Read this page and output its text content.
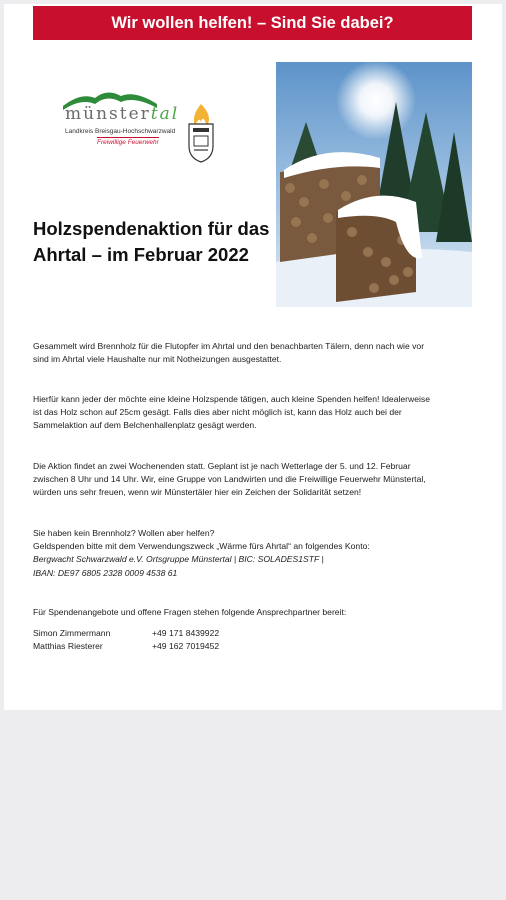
Wir wollen helfen! – Sind Sie dabei?
münstertal
Landkreis Breisgau-Hochschwarzwald
Freiwillige Feuerwehr
Holzspendenaktion für das
Ahrtal – im Februar 2022
Gesammelt wird Brennholz für die Flutopfer im Ahrtal und den benachbarten Tälern, denn nach wie vor
sind im Ahrtal viele Haushalte nur mit Notheizungen ausgestattet.
Hierfür kann jeder der möchte eine kleine Holzspende tätigen, auch kleine Spenden helfen! Idealerweise
ist das Holz schon auf 25cm gesägt. Falls dies aber nicht möglich ist, kann das Holz auch bei der
Sammelaktion auf dem Belchenhallenplatz gesägt werden.
Die Aktion findet an zwei Wochenenden statt. Geplant ist je nach Wetterlage der 5. und 12. Februar
zwischen 8 Uhr und 14 Uhr. Wir, eine Gruppe von Landwirten und die Freiwillige Feuerwehr Münstertal,
würden uns sehr freuen, wenn wir Münstertäler hier ein Zeichen der Solidarität setzen!
Sie haben kein Brennholz? Wollen aber helfen?
Geldspenden bitte mit dem Verwendungszweck „Wärme fürs Ahrtal“ an folgendes Konto:
Bergwacht Schwarzwald e.V. Ortsgruppe Münstertal | BIC: SOLADES1STF |
IBAN: DE97 6805 2328 0009 4538 61
Für Spendenangebote und offene Fragen stehen folgende Ansprechpartner bereit:
Simon Zimmermann	+49 171 8439922
Matthias Riesterer	+49 162 7019452
